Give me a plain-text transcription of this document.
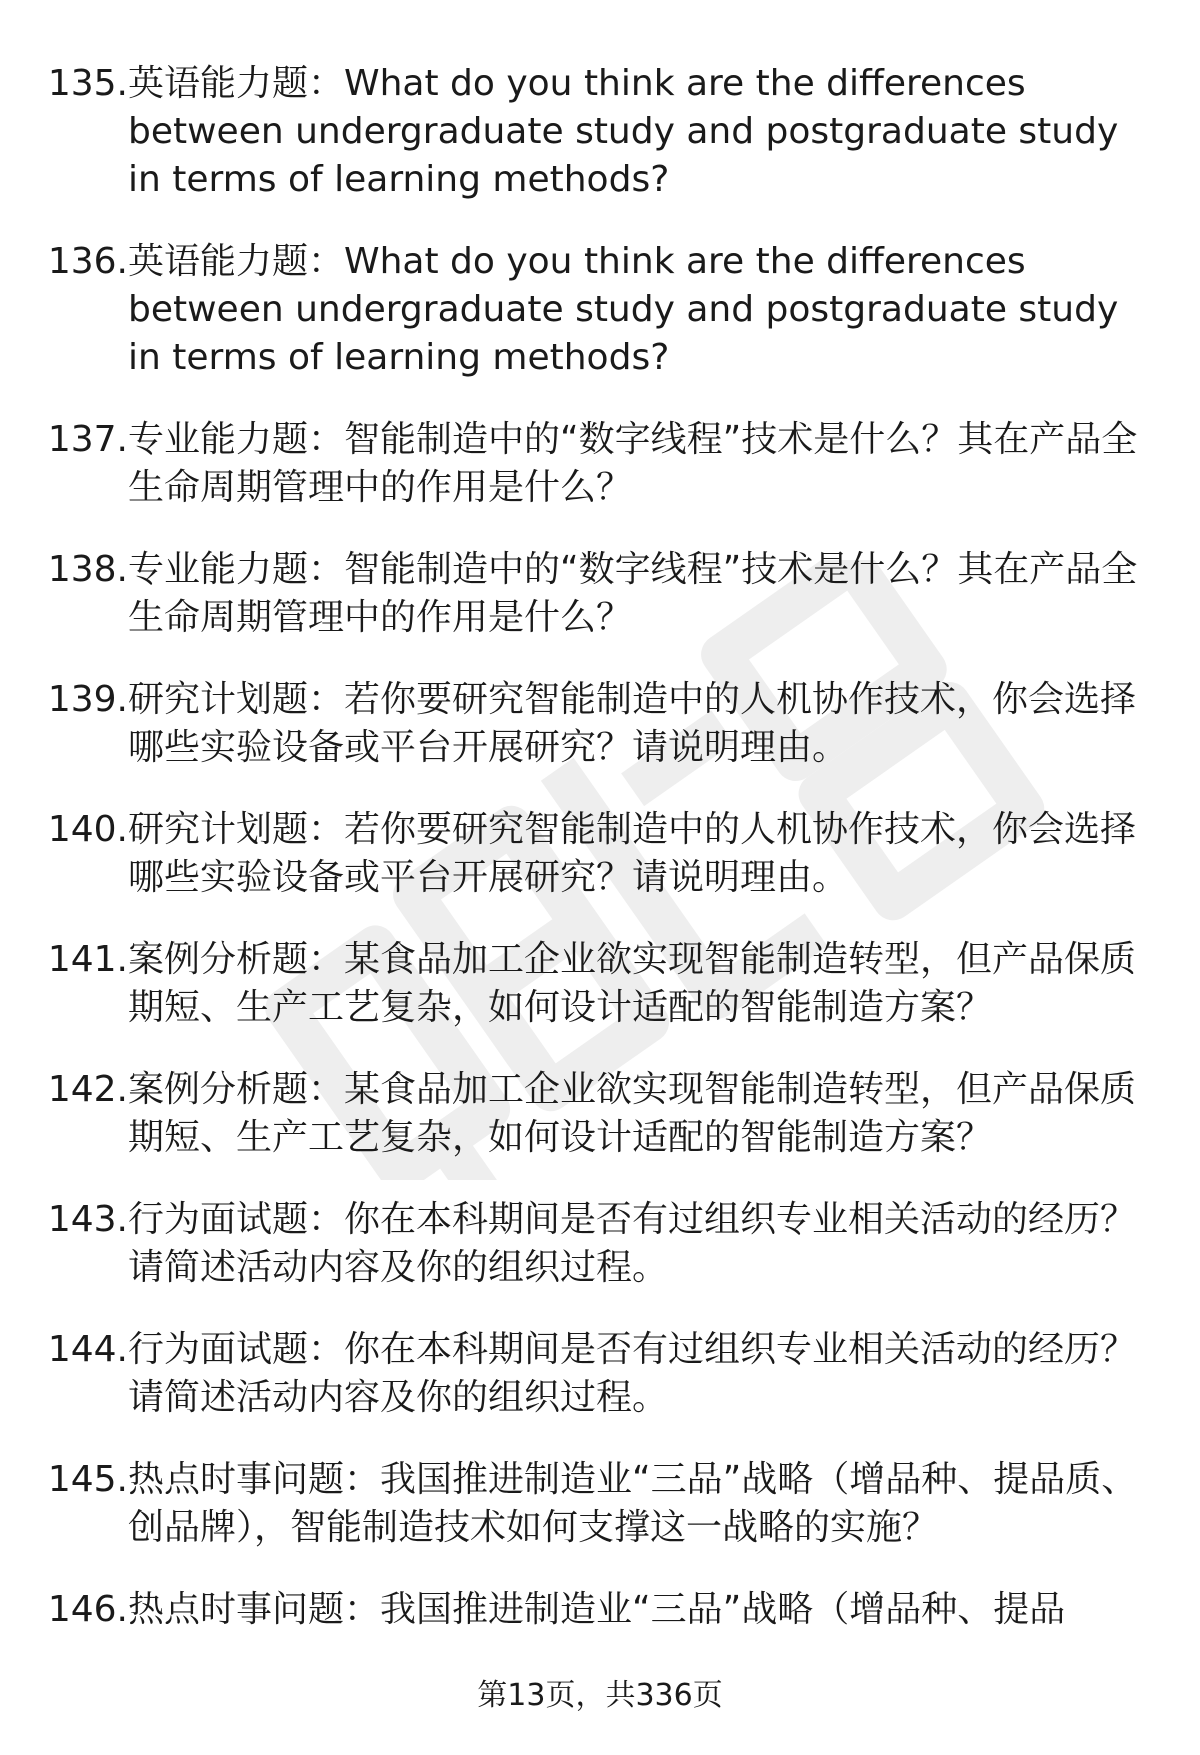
135. 英语能力题：What do you think are the differences between undergraduate study and postgraduate study in terms of learning methods?
136. 英语能力题：What do you think are the differences between undergraduate study and postgraduate study in terms of learning methods?
137. 专业能力题：智能制造中的“数字线程”技术是什么？其在产品全生命周期管理中的作用是什么？
138. 专业能力题：智能制造中的“数字线程”技术是什么？其在产品全生命周期管理中的作用是什么？
139. 研究计划题：若你要研究智能制造中的人机协作技术，你会选择哪些实验设备或平台开展研究？请说明理由。
140. 研究计划题：若你要研究智能制造中的人机协作技术，你会选择哪些实验设备或平台开展研究？请说明理由。
141. 案例分析题：某食品加工企业欲实现智能制造转型，但产品保质期短、生产工艺复杂，如何设计适配的智能制造方案？
142. 案例分析题：某食品加工企业欲实现智能制造转型，但产品保质期短、生产工艺复杂，如何设计适配的智能制造方案？
143. 行为面试题：你在本科期间是否有过组织专业相关活动的经历？请简述活动内容及你的组织过程。
144. 行为面试题：你在本科期间是否有过组织专业相关活动的经历？请简述活动内容及你的组织过程。
145. 热点时事问题：我国推进制造业“三品”战略（增品种、提品质、创品牌），智能制造技术如何支撑这一战略的实施？
146. 热点时事问题：我国推进制造业“三品”战略（增品种、提品
第13页，共336页
